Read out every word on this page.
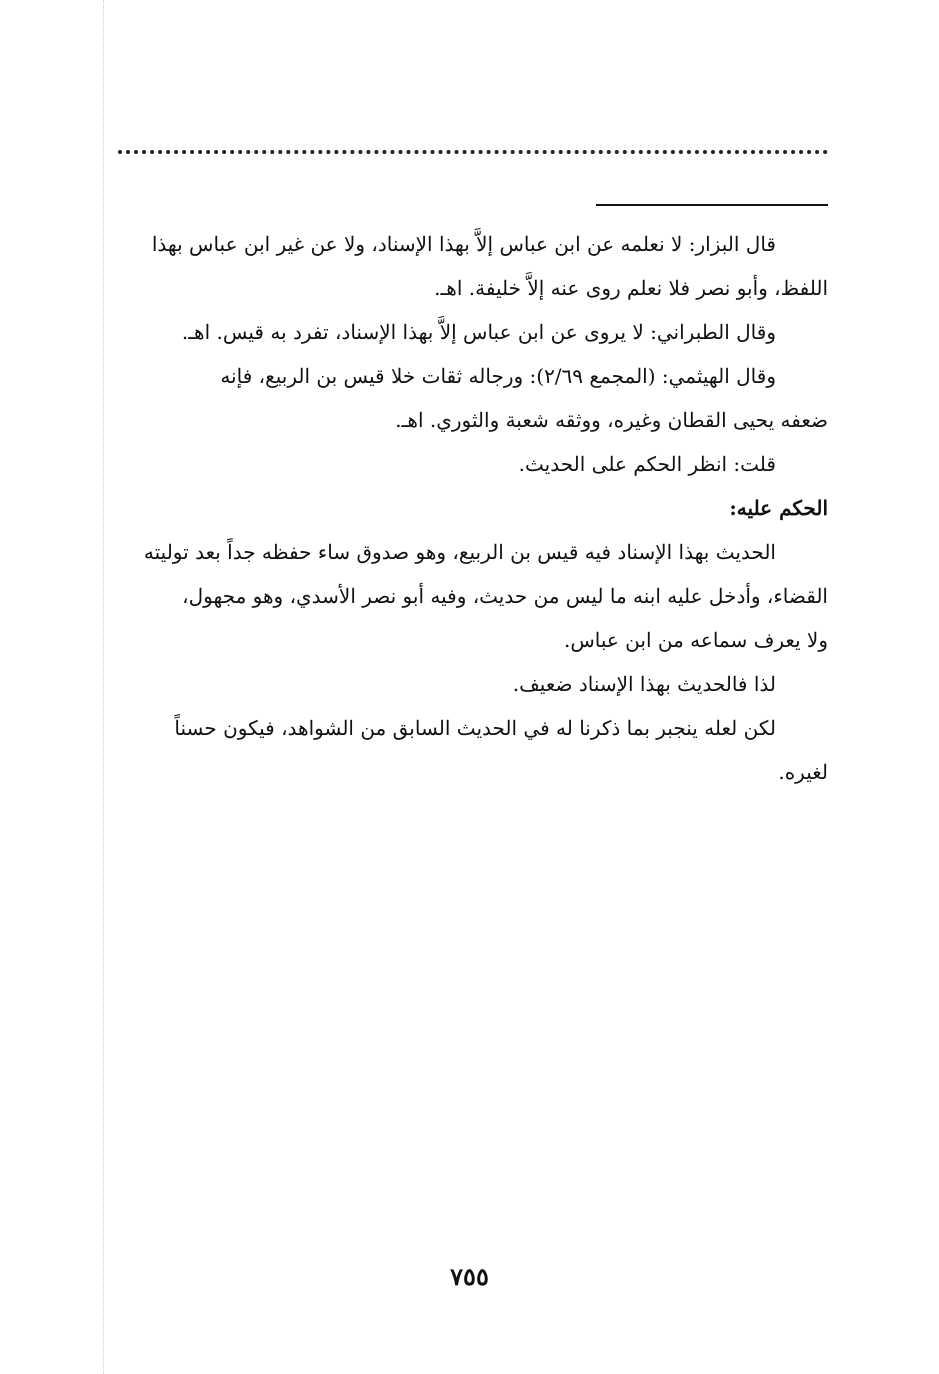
قال البزار: لا نعلمه عن ابن عباس إلاَّ بهذا الإسناد، ولا عن غير ابن عباس بهذا

اللفظ، وأبو نصر فلا نعلم روى عنه إلاَّ خليفة. اهـ.

وقال الطبراني: لا يروى عن ابن عباس إلاَّ بهذا الإسناد، تفرد به قيس. اهـ.

وقال الهيثمي: (المجمع ٢/٦٩): ورجاله ثقات خلا قيس بن الربيع، فإنه

ضعفه يحيى القطان وغيره، ووثقه شعبة والثوري. اهـ.

قلت: انظر الحكم على الحديث.

الحكم عليه:

الحديث بهذا الإسناد فيه قيس بن الربيع، وهو صدوق ساء حفظه جداً بعد توليته

القضاء، وأدخل عليه ابنه ما ليس من حديث، وفيه أبو نصر الأسدي، وهو مجهول،

ولا يعرف سماعه من ابن عباس.

لذا فالحديث بهذا الإسناد ضعيف.

لكن لعله ينجبر بما ذكرنا له في الحديث السابق من الشواهد، فيكون حسناً

لغيره.

٧٥٥
